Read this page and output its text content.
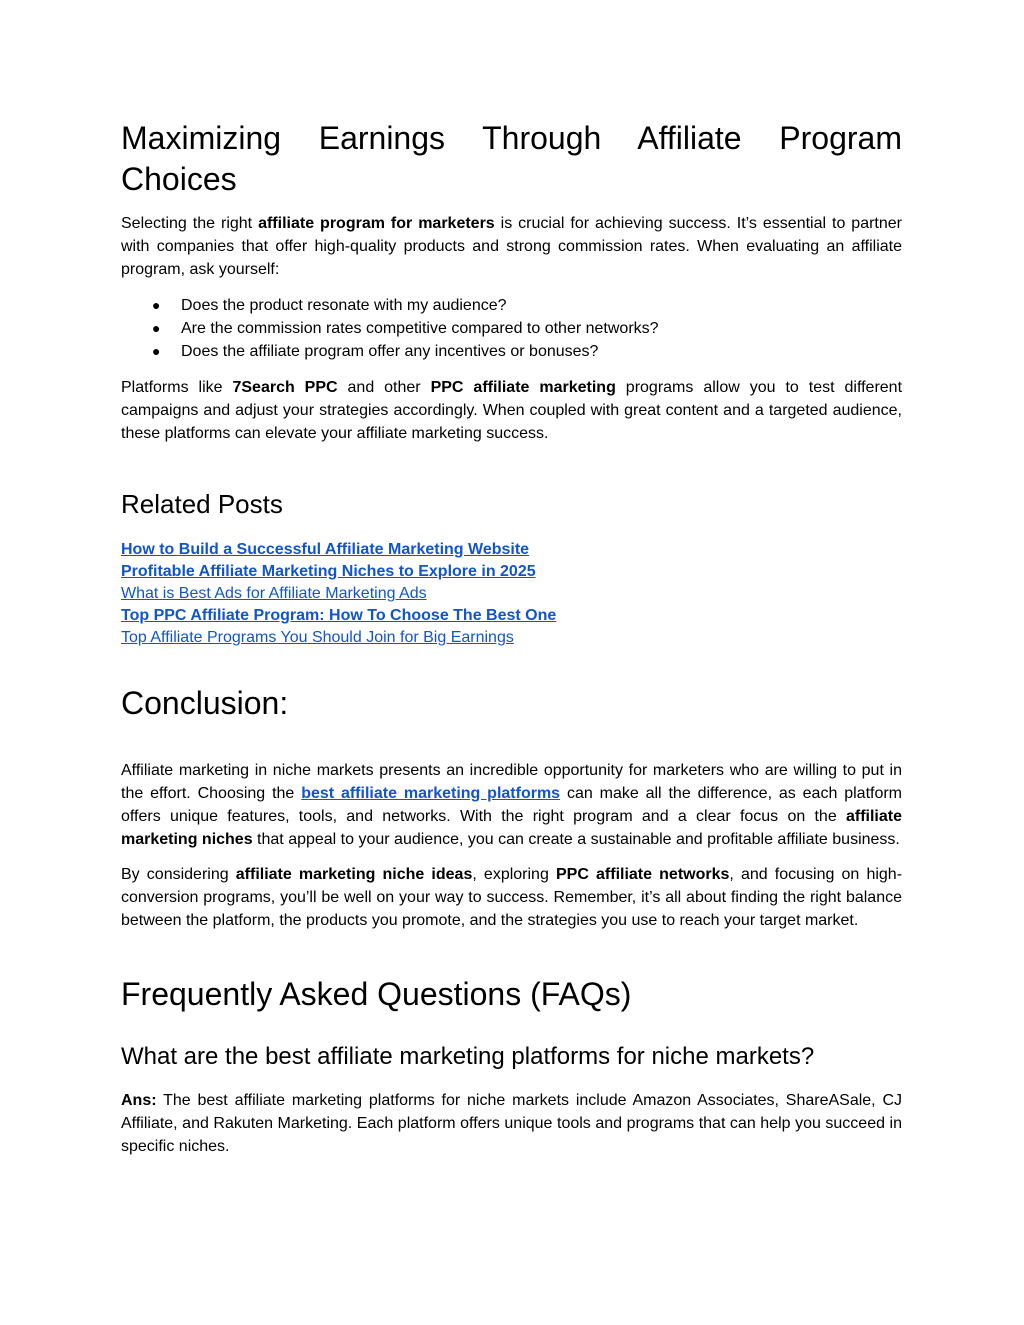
Maximizing Earnings Through Affiliate Program Choices

Selecting the right affiliate program for marketers is crucial for achieving success. It’s essential to partner with companies that offer high-quality products and strong commission rates. When evaluating an affiliate program, ask yourself:

● Does the product resonate with my audience?
● Are the commission rates competitive compared to other networks?
● Does the affiliate program offer any incentives or bonuses?

Platforms like 7Search PPC and other PPC affiliate marketing programs allow you to test different campaigns and adjust your strategies accordingly. When coupled with great content and a targeted audience, these platforms can elevate your affiliate marketing success.

Related Posts
How to Build a Successful Affiliate Marketing Website
Profitable Affiliate Marketing Niches to Explore in 2025
What is Best Ads for Affiliate Marketing Ads
Top PPC Affiliate Program: How To Choose The Best One
Top Affiliate Programs You Should Join for Big Earnings
Conclusion:

Affiliate marketing in niche markets presents an incredible opportunity for marketers who are willing to put in the effort. Choosing the best affiliate marketing platforms can make all the difference, as each platform offers unique features, tools, and networks. With the right program and a clear focus on the affiliate marketing niches that appeal to your audience, you can create a sustainable and profitable affiliate business.

By considering affiliate marketing niche ideas, exploring PPC affiliate networks, and focusing on high-conversion programs, you’ll be well on your way to success. Remember, it’s all about finding the right balance between the platform, the products you promote, and the strategies you use to reach your target market.

Frequently Asked Questions (FAQs)
What are the best affiliate marketing platforms for niche markets?

Ans: The best affiliate marketing platforms for niche markets include Amazon Associates, ShareASale, CJ Affiliate, and Rakuten Marketing. Each platform offers unique tools and programs that can help you succeed in specific niches.
